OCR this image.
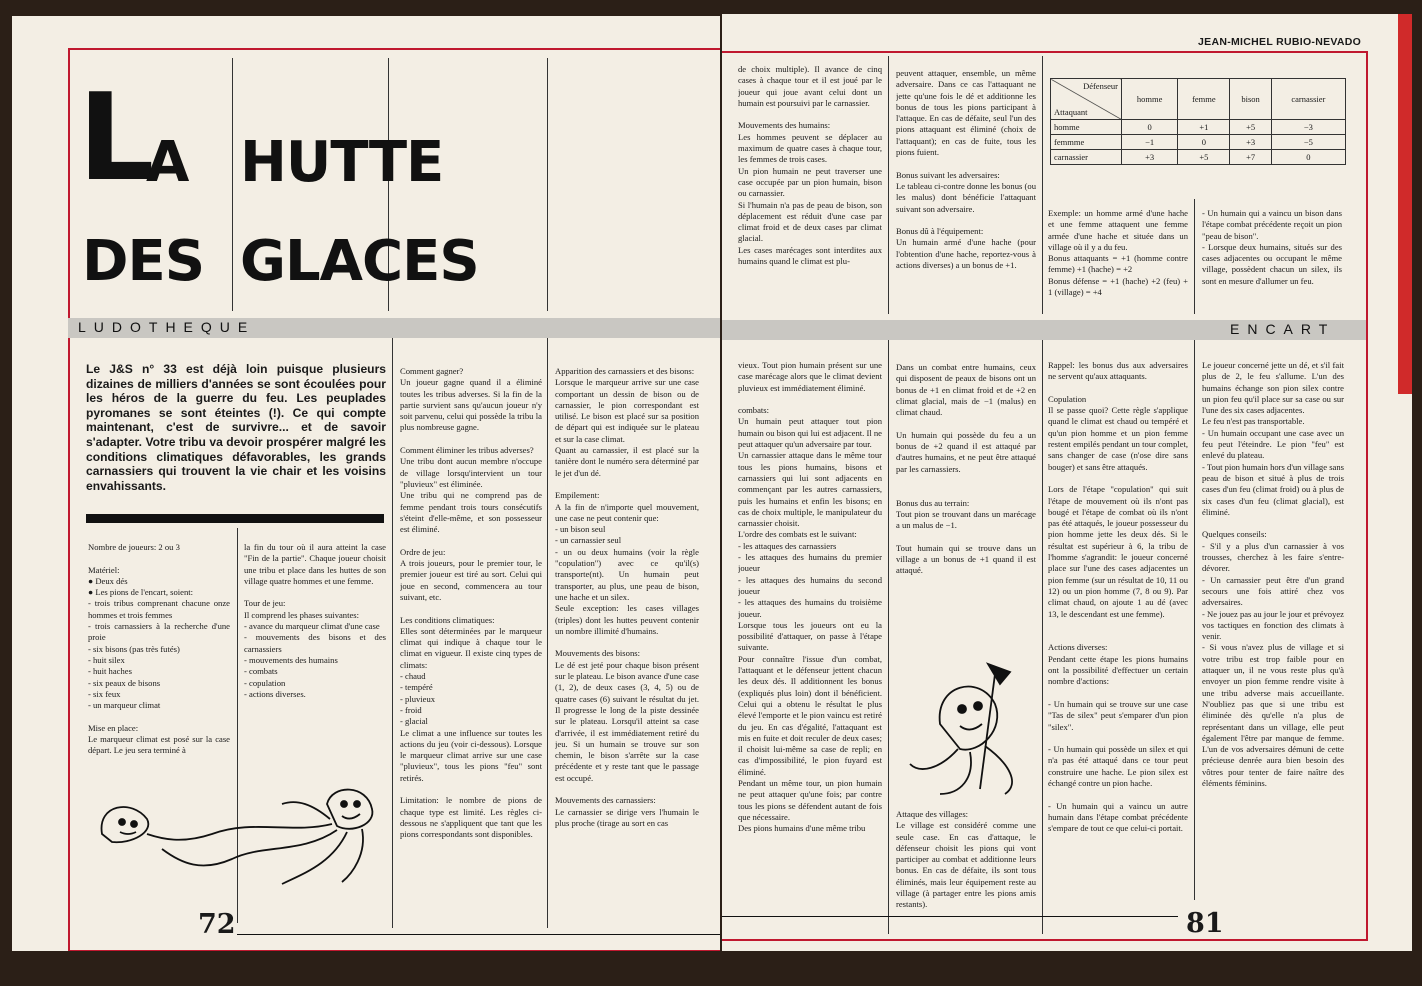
L
A HUTTE
DES GLACES
LUDOTHEQUE
Le J&S n° 33 est déjà loin puisque plusieurs dizaines de milliers d'années se sont écoulées pour les héros de la guerre du feu. Les peuplades pyromanes se sont éteintes (!). Ce qui compte maintenant, c'est de survivre... et de savoir s'adapter. Votre tribu va devoir prospérer malgré les conditions climatiques défavorables, les grands carnassiers qui trouvent la vie chair et les voisins envahissants.
Nombre de joueurs: 2 ou 3

Matériel:
● Deux dés
● Les pions de l'encart, soient:
- trois tribus comprenant chacune onze hommes et trois femmes
- trois carnassiers à la recherche d'une proie
- six bisons (pas très futés)
- huit silex
- huit haches
- six peaux de bisons
- six feux
- un marqueur climat

Mise en place:
Le marqueur climat est posé sur la case départ. Le jeu sera terminé à
la fin du tour où il aura atteint la case "Fin de la partie". Chaque joueur choisit une tribu et place dans les huttes de son village quatre hommes et une femme.

Tour de jeu:
Il comprend les phases suivantes:
- avance du marqueur climat d'une case
- mouvements des bisons et des carnassiers
- mouvements des humains
- combats
- copulation
- actions diverses.
Comment gagner?
Un joueur gagne quand il a éliminé toutes les tribus adverses. Si la fin de la partie survient sans qu'aucun joueur n'y soit parvenu, celui qui possède la tribu la plus nombreuse gagne.

Comment éliminer les tribus adverses?
Une tribu dont aucun membre n'occupe de village lorsqu'intervient un tour "pluvieux" est éliminée.
Une tribu qui ne comprend pas de femme pendant trois tours consécutifs s'éteint d'elle-même, et son possesseur est éliminé.

Ordre de jeu:
A trois joueurs, pour le premier tour, le premier joueur est tiré au sort. Celui qui joue en second, commencera au tour suivant, etc.

Les conditions climatiques:
Elles sont déterminées par le marqueur climat qui indique à chaque tour le climat en vigueur. Il existe cinq types de climats:
- chaud
- tempéré
- pluvieux
- froid
- glacial
Le climat a une influence sur toutes les actions du jeu (voir ci-dessous). Lorsque le marqueur climat arrive sur une case "pluvieux", tous les pions "feu" sont retirés.

Limitation: le nombre de pions de chaque type est limité. Les règles ci-dessous ne s'appliquent que tant que les pions correspondants sont disponibles.
Apparition des carnassiers et des bisons:
Lorsque le marqueur arrive sur une case comportant un dessin de bison ou de carnassier, le pion correspondant est utilisé. Le bison est placé sur sa position de départ qui est indiquée sur le plateau et sur la case climat.
Quant au carnassier, il est placé sur la tanière dont le numéro sera déterminé par le jet d'un dé.

Empilement:
A la fin de n'importe quel mouvement, une case ne peut contenir que:
- un bison seul
- un carnassier seul
- un ou deux humains (voir la règle "copulation") avec ce qu'il(s) transporte(nt). Un humain peut transporter, au plus, une peau de bison, une hache et un silex.
Seule exception: les cases villages (triples) dont les huttes peuvent contenir un nombre illimité d'humains.

Mouvements des bisons:
Le dé est jeté pour chaque bison présent sur le plateau. Le bison avance d'une case (1, 2), de deux cases (3, 4, 5) ou de quatre cases (6) suivant le résultat du jet. Il progresse le long de la piste dessinée sur le plateau. Lorsqu'il atteint sa case d'arrivée, il est immédiatement retiré du jeu. Si un humain se trouve sur son chemin, le bison s'arrête sur la case précédente et y reste tant que le passage est occupé.

Mouvements des carnassiers:
Le carnassier se dirige vers l'humain le plus proche (tirage au sort en cas
72
JEAN-MICHEL RUBIO-NEVADO
de choix multiple). Il avance de cinq cases à chaque tour et il est joué par le joueur qui joue avant celui dont un humain est poursuivi par le carnassier.

Mouvements des humains:
Les hommes peuvent se déplacer au maximum de quatre cases à chaque tour, les femmes de trois cases.
Un pion humain ne peut traverser une case occupée par un pion humain, bison ou carnassier.
Si l'humain n'a pas de peau de bison, son déplacement est réduit d'une case par climat froid et de deux cases par climat glacial.
Les cases marécages sont interdites aux humains quand le climat est plu-
peuvent attaquer, ensemble, un même adversaire. Dans ce cas l'attaquant ne jette qu'une fois le dé et additionne les bonus de tous les pions participant à l'attaque. En cas de défaite, seul l'un des pions attaquant est éliminé (choix de l'attaquant); en cas de fuite, tous les pions fuient.

Bonus suivant les adversaires:
Le tableau ci-contre donne les bonus (ou les malus) dont bénéficie l'attaquant suivant son adversaire.

Bonus dû à l'équipement:
Un humain armé d'une hache (pour l'obtention d'une hache, reportez-vous à actions diverses) a un bonus de +1.
Défenseur
Attaquant	homme	femme	bison	carnassier
homme	0	+1	+5	−3
femmme	−1	0	+3	−5
carnassier	+3	+5	+7	0
Exemple: un homme armé d'une hache et une femme attaquent une femme armée d'une hache et située dans un village où il y a du feu.
Bonus attaquants = +1 (homme contre femme) +1 (hache) = +2
Bonus défense = +1 (hache) +2 (feu) + 1 (village) = +4
- Un humain qui a vaincu un bison dans l'étape combat précédente reçoit un pion "peau de bison".
- Lorsque deux humains, situés sur des cases adjacentes ou occupant le même village, possèdent chacun un silex, ils sont en mesure d'allumer un feu.
ENCART
vieux. Tout pion humain présent sur une case marécage alors que le climat devient pluvieux est immédiatement éliminé.

combats:
Un humain peut attaquer tout pion humain ou bison qui lui est adjacent. Il ne peut attaquer qu'un adversaire par tour.
Un carnassier attaque dans le même tour tous les pions humains, bisons et carnassiers qui lui sont adjacents en commençant par les autres carnassiers, puis les humains et enfin les bisons; en cas de choix multiple, le manipulateur du carnassier choisit.
L'ordre des combats est le suivant:
- les attaques des carnassiers
- les attaques des humains du premier joueur
- les attaques des humains du second joueur
- les attaques des humains du troisième joueur.
Lorsque tous les joueurs ont eu la possibilité d'attaquer, on passe à l'étape suivante.
Pour connaître l'issue d'un combat, l'attaquant et le défenseur jettent chacun les deux dés. Il additionnent les bonus (expliqués plus loin) dont il bénéficient. Celui qui a obtenu le résultat le plus élevé l'emporte et le pion vaincu est retiré du jeu. En cas d'égalité, l'attaquant est mis en fuite et doit reculer de deux cases; il choisit lui-même sa case de repli; en cas d'impossibilité, le pion fuyard est éliminé.
Pendant un même tour, un pion humain ne peut attaquer qu'une fois; par contre tous les pions se défendent autant de fois que nécessaire.
Des pions humains d'une même tribu
Dans un combat entre humains, ceux qui disposent de peaux de bisons ont un bonus de +1 en climat froid et de +2 en climat glacial, mais de −1 (malus) en climat chaud.

Un humain qui possède du feu a un bonus de +2 quand il est attaqué par d'autres humains, et ne peut être attaqué par les carnassiers.

Bonus dus au terrain:
Tout pion se trouvant dans un marécage a un malus de −1.

Tout humain qui se trouve dans un village a un bonus de +1 quand il est attaqué.
Attaque des villages:
Le village est considéré comme une seule case. En cas d'attaque, le défenseur choisit les pions qui vont participer au combat et additionne leurs bonus. En cas de défaite, ils sont tous éliminés, mais leur équipement reste au village (à partager entre les pions amis restants).
Rappel: les bonus dus aux adversaires ne servent qu'aux attaquants.

Copulation
Il se passe quoi? Cette règle s'applique quand le climat est chaud ou tempéré et qu'un pion homme et un pion femme restent empilés pendant un tour complet, sans changer de case (n'ose dire sans bouger) et sans être attaqués.

Lors de l'étape "copulation" qui suit l'étape de mouvement où ils n'ont pas bougé et l'étape de combat où ils n'ont pas été attaqués, le joueur possesseur du pion homme jette les deux dés. Si le résultat est supérieur à 6, la tribu de l'homme s'agrandit: le joueur concerné place sur l'une des cases adjacentes un pion femme (sur un résultat de 10, 11 ou 12) ou un pion homme (7, 8 ou 9). Par climat chaud, on ajoute 1 au dé (avec 13, le descendant est une femme).

Actions diverses:
Pendant cette étape les pions humains ont la possibilité d'effectuer un certain nombre d'actions:

- Un humain qui se trouve sur une case "Tas de silex" peut s'emparer d'un pion "silex".

- Un humain qui possède un silex et qui n'a pas été attaqué dans ce tour peut construire une hache. Le pion silex est échangé contre un pion hache.

- Un humain qui a vaincu un autre humain dans l'étape combat précédente s'empare de tout ce que celui-ci portait.
Le joueur concerné jette un dé, et s'il fait plus de 2, le feu s'allume. L'un des humains échange son pion silex contre un pion feu qu'il place sur sa case ou sur l'une des six cases adjacentes.
Le feu n'est pas transportable.
- Un humain occupant une case avec un feu peut l'éteindre. Le pion "feu" est enlevé du plateau.
- Tout pion humain hors d'un village sans peau de bison et situé à plus de trois cases d'un feu (climat froid) ou à plus de six cases d'un feu (climat glacial), est éliminé.

Quelques conseils:
- S'il y a plus d'un carnassier à vos trousses, cherchez à les faire s'entre-dévorer.
- Un carnassier peut être d'un grand secours une fois attiré chez vos adversaires.
- Ne jouez pas au jour le jour et prévoyez vos tactiques en fonction des climats à venir.
- Si vous n'avez plus de village et si votre tribu est trop faible pour en attaquer un, il ne vous reste plus qu'à envoyer un pion femme rendre visite à une tribu adverse mais accueillante. N'oubliez pas que si une tribu est éliminée dès qu'elle n'a plus de représentant dans un village, elle peut également l'être par manque de femme. L'un de vos adversaires démuni de cette précieuse denrée aura bien besoin des vôtres pour tenter de faire naître des éléments féminins.
81
